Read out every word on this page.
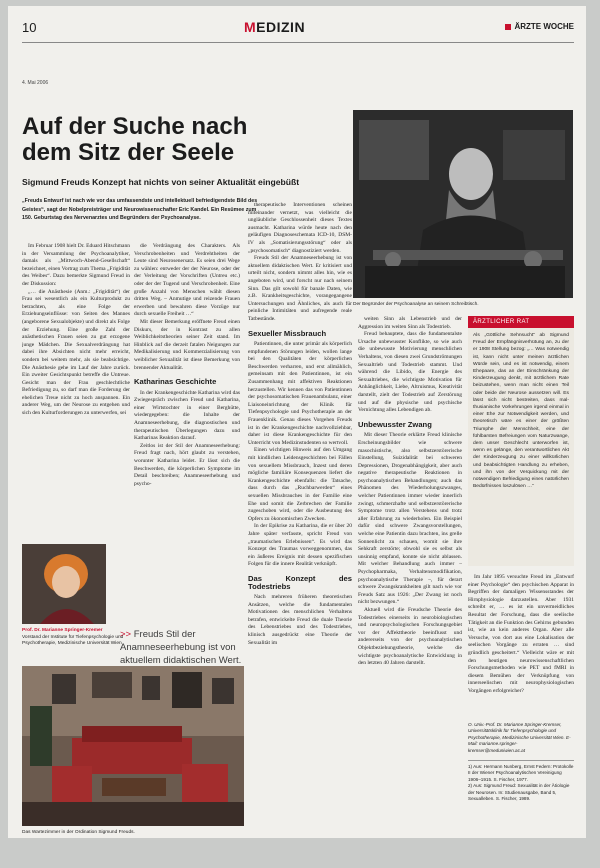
10
4. Mai 2006
MEDIZIN	ÄRZTE WOCHE
Auf der Suche nach
dem Sitz der Seele
Sigmund Freuds Konzept hat nichts von seiner Aktualität eingebüßt
„Freuds Entwurf ist nach wie vor das umfassendste und intellektuell befriedigendste Bild des Geistes“, sagt der Nobelpreisträger und Neurowissenschafter Eric Kandel. Ein Resümee zum 150. Geburtstag des Nervenarztes und Begründers der Psychoanalyse.
Der Begründer der Psychoanalyse an seinem Schreibtisch.

Im Februar 1908 hielt Dr. Eduard Hitschmann in der Versammlung der Psychoanalytiker, damals als „Mittwoch-Abend-Gesellschaft“ bezeichnet, einen Vortrag zum Thema „Frigidität des Weibes“. Dazu bemerkte Sigmund Freud in der Diskussion:

„… die Anästhesie (Anm.: „Frigidität“) der Frau sei wesentlich als ein Kulturprodukt zu betrachten, als eine Folge der Erziehungseinflüsse: von Seiten des Mannes (angeborene Sexualobjekte) und direkt als Folge der Erziehung. Eine große Zahl der anästhetischen Frauen seien zu gut erzogene junge Mädchen. Die Sexualverdrängung hat dabei ihre Absichten nicht mehr erreicht, sondern bei weitem mehr, als sie beabsichtige. Die Anästhesie gehe im Lauf der Jahre zurück. Ein zweiter Gesichtspunkt betreffe die Untreue. Gesicht man der Frau geschlechtliche Befriedigung zu, so darf man die Forderung der ehelichen Treue nicht zu hoch anspannen. Ein anderer Weg, um der Neurose zu entgehen und sich den Kulturforderungen zu unterwerfen, sei

die Verdrängung des Charakters. Als Verschrobenheiten und Verdrehtheiten der Leute sind Neurosenersatz. Es seien drei Wege zu wählen: entweder der der Neurose, oder der der Verleitung der Vorschriften (Untreu etc.) oder der der Tugend und Verschrobenheit. Eine große Anzahl von Menschen wählt diesen dritten Weg. – Anmutige und reizende Frauen erwerben und bewahren diese Vorzüge nur durch sexuelle Freiheit …“

Mit dieser Bemerkung eröffnete Freud einen Diskurs, der in Kontrast zu allen Weiblichkeitstheorien seiner Zeit stand. Im Hinblick auf die derzeit fatalen Neigungen zur Medikalisierung und Kommerzialisierung von weiblicher Sexualität ist diese Bemerkung von brennender Aktualität.

Katharinas Geschichte

In der Krankengeschichte Katharina wird das Zwiegespräch zwischen Freud und Katharina, einer Wirtstochter in einer Berghütte, wiedergegeben: die Inhalte der Anamneseerhebung, die diagnostischen und therapeutischen Überlegungen dazu und Katharinas Reaktion darauf.

Zeitlos ist der Stil der Anamneseerhebung: Freud fragt nach, hört glaubt zu verstehen, worunter Katharina leidet. Er lässt sich die Beschwerden, die körperlichen Symptome im Detail beschreiben; Anamneseerhebung und psycho-

Prof. Dr. Marianne Springer-Kremer
Vorstand der Institute für Tiefenpsychologie und Psychotherapie, Medizinische Universität Wien
>> Freuds Stil der Anamneseerhebung ist von aktuellem didaktischen Wert.
Das Wartezimmer in der Ordination Sigmund Freuds.

therapeutische Interventionen scheinen miteinander vernetzt, was vielleicht die ungläubliche Geschlossenheit dieses Textes ausmacht. Katharina würde heute nach den geläufigen Diagnoseschemata ICD-10, DSM-IV als „Somatisierungsstörung“ oder als „psychosomatisch“ diagnostiziert werden.

Freuds Stil der Anamneseerhebung ist von aktuellem didaktischen Wert. Er kritisiert und urteilt nicht, sondern nimmt alles hin, wie es angeboten wird, und forscht nur nach seinem Sinn. Das gilt sowohl für banale Daten, wie z.B. Krankheitsgeschichte, vorangegangene Untersuchungen und Ähnliches, als auch für peinliche Intimitäten und aufregende reale Tatbestände.

Sexueller Missbrauch

Patientinnen, die unter primär als körperlich empfundenen Störungen leiden, wollen lange bei den Qualitäten der körperlichen Beschwerden verharren, und erst allmählich, gemeinsam mit den Patientinnen, ist ein Zusammenhang mit affektiven Reaktionen herzustellen. Wir kennen das von Patientinnen der psychosomatischen Frauenambulanz, einer Liaisoneinrichtung der Klinik für Tiefenpsychologie und Psychotherapie an der Frauenklinik. Genau dieses Vorgehen Freuds ist in der Krankengeschichte nachvollziehbar, daher ist diese Krankengeschichte für den Unterricht von Medizinstudenten so wertvoll.

Einen wichtigen Hinweis auf den Umgang mit kindlichen Leidensgeschichten bei Fällen von sexuellem Missbrauch, Inzest und deren mögliche familiäre Konsequenzen liefert die Krankengeschichte ebenfalls: die Tatsache, dass durch das „Ruchbarwerden“ eines sexuellen Missbrauches in der Familie eine Ehe und somit die Zerbrechen der Familie zugeschoben wird, oder die Ausbeutung des Opfers zu ökonomischen Zwecken.

In der Epikrise zu Katharina, die er über 20 Jahre später verfasste, spricht Freud von „traumatischen Erlebnissen“. Es wird das Konzept des Traumas vorweggenommen, das ein äußeres Ereignis mit dessen spezifischen Folgen für die innere Realität verknüpft.

Das Konzept des Todestriebs

Nach mehreren früheren theoretischen Ansätzen, welche die fundamentalen Motivationen des menschlichen Verhaltens betrafen, entwickelte Freud die duale Theorie des Lebenstriebes und des Todestriebes, klinisch ausgedrückt eine Theorie der Sexualität im

weiten Sinn als Lebenstrieb und der Aggression im weiten Sinn als Todestrieb.

Freud behauptete, dass die fundamentalste Ursache unbewusster Konflikte, so wie auch die unbewusste Motivierung menschlichen Verhaltens, von diesen zwei Grundströmungen Sexualtrieb und Todestrieb stammt. Und während die Libido, die Energie des Sexualtriebes, die wichtigste Motivation für Anhänglichkeit, Liebe, Altruismus, Kreativität darstellt, zielt der Todestrieb auf Zerstörung und auf die physische und psychische Vernichtung alles Lebendigen ab.

Unbewusster Zwang

Mit dieser Theorie erklärte Freud klinische Erscheinungsbilder wie schwere masochistische, also selbstzerstörerische Einstellung, Suizidalität bei schweren Depressionen, Drogenabhängigkeit, aber auch negative therapeutische Reaktionen in psychoanalytischen Behandlungen; auch das Phänomen des Wiederholungszwanges, welcher Patientinnen immer wieder innerlich zwingt, schmerzhafte und selbstzerstörerische Symptome trotz allen Verstehens und trotz aller Erfahrung zu wiederholen. Ein Beispiel dafür sind schwere Zwangsvorstellungen, welche eine Patientin dazu brachten, ins grelle Sonnenlicht zu schauen, womit sie ihre Sehkraft zerstörte; obwohl sie es selbst als unsinnig empfand, konnte sie nicht ablassen. Mit welcher Behandlung auch immer – Psychopharmaka, Verhaltensmodifikation, psychoanalytische Therapie –, für derart schwere Zwangskrankheiten gilt nach wie vor Freuds Satz aus 1926: „Der Zwang ist noch nicht bezwungen.“

Aktuell wird die Freudsche Theorie des Todestriebes einerseits in neurobiologischen und neuropsychologischen Forschungsgebiet vor der Affekttheorie beeinflusst und andererseits von der psychoanalytischen Objektbeziehungstheorie, welche die wichtigste psychoanalytische Entwicklung in den letzten 40 Jahren darstellt.

ÄRZTLICHER RAT
Als „Göttliche Sehnsucht“ ab Sigmund Freud der Empfängnisverhütung an, zu der er 1908 Stellung bezog: „… Was notwendig ist, kann nicht unter meinen ärztlichen Würde sein, und es ist notwendig, einem Ehepaare, das an der Einschränkung der Kinderzeugung denkt, mit ärztlichem Rate beizustehen, wenn man nicht einen Teil oder beide der Neurose aussetzen will. Es lässt sich nicht bestreiten, dass mal- thusianische Vorkehrungen irgend einmal in einer Ehe zur Notwendigkeit werden, und theoretisch wäre es einer der größten Triumphe der Menschheit, eine der fühlbarsten Befreiungen vom Naturzwange, dem unser Geschlecht unterworfen ist, wenn es gelänge, den verantwortlichen Akt der Kinderzeugung zu einer willkürlichen und beabsichtigten Handlung zu erheben, und ihn von der Verquickung mit der notwendigen Befriedigung eines natürlichen Bedürfnisses loszulösen …“

Im Jahr 1895 versuchte Freud im „Entwurf einer Psychologie“ den psychischen Apparat in Begriffen der damaligen Wissensstandes der Hirnphysiologie darzustellen. Aber 1931 schreibt er, … es ist ein unvermeidliches Resultat der Forschung, dass die seelische Tätigkeit an die Funktion des Gehirns gebunden ist, wie an kein anderes Organ. Aber alle Versuche, von dort aus eine Lokalisation der seelischen Vorgänge zu erraten … sind gründlich gescheitert.“ Vielleicht wäre er mit den heutigen neurowissenschaftlichen Forschungsmethoden wie PET und fMRI in diesem Bemühen der Verknüpfung von innerseelischen mit neurophysiologischen Vorgängen erfolgreicher?

O. Univ.-Prof. Dr. Marianne Springer-Kremser, Universitätsklinik für Tiefenpsychologie und Psychotherapie, Medizinische Universität Wien. E-Mail: marianne.springer-kremser@meduniwien.ac.at
1) Aus: Hermann Nunberg, Ernst Federn: Protokolle II der Wiener Psychoanalytischen Vereinigung 1906–1915. S. Fischer, 1977.
2) Aus: Sigmund Freud: Sexualität in der Ätiologie der Neurosen. In: Studienausgabe, Band 5, Sexualleben. S. Fischer, 1989.
